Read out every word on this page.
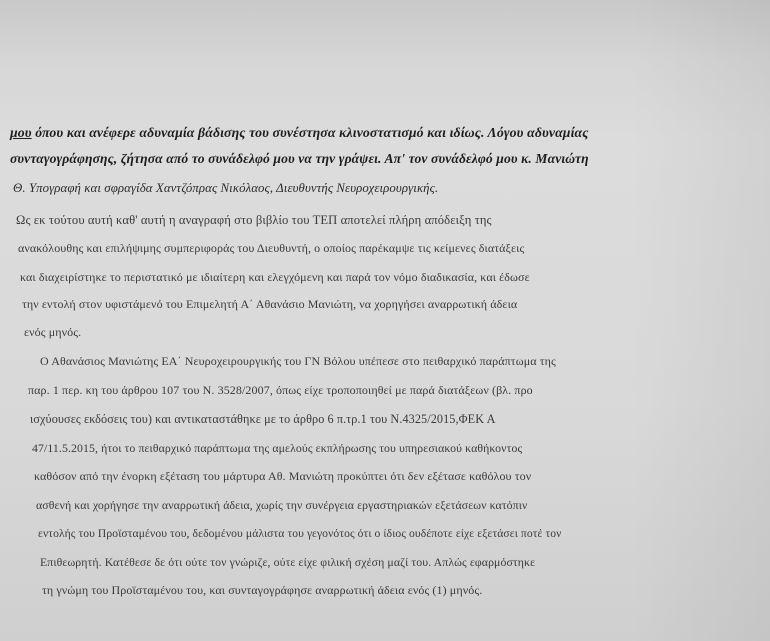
μου όπου και ανέφερε αδυναμία βάδισης του συνέστησα κλινοστατισμό και ιδίως. Λόγου αδυναμίας
συνταγογράφησης, ζήτησα από το συνάδελφό μου να την γράψει. Απ' τον συνάδελφό μου κ. Μανιώτη
Θ. Υπογραφή και σφραγίδα Χαντζόπρας Νικόλαος, Διευθυντής Νευροχειρουργικής.
Ως εκ τούτου αυτή καθ' αυτή η αναγραφή στο βιβλίο του ΤΕΠ αποτελεί πλήρη απόδειξη της
ανακόλουθης και επιλήψιμης συμπεριφοράς του Διευθυντή, ο οποίος παρέκαμψε τις κείμενες διατάξεις
και διαχειρίστηκε το περιστατικό με ιδιαίτερη και ελεγχόμενη και παρά τον νόμο διαδικασία, και έδωσε
την εντολή στον υφιστάμενό του Επιμελητή Α΄ Αθανάσιο Μανιώτη, να χορηγήσει αναρρωτική άδεια
ενός μηνός.
Ο Αθανάσιος Μανιώτης ΕΑ΄ Νευροχειρουργικής του ΓΝ Βόλου υπέπεσε στο πειθαρχικό παράπτωμα της
παρ. 1 περ. κη του άρθρου 107 του Ν. 3528/2007, όπως είχε τροποποιηθεί με παρά διατάξεων (βλ. προ
ισχύουσες εκδόσεις του) και αντικαταστάθηκε με το άρθρο 6 π.τρ.1 του Ν.4325/2015,ΦΕΚ Α
47/11.5.2015, ήτοι το πειθαρχικό παράπτωμα της αμελούς εκπλήρωσης του υπηρεσιακού καθήκοντος
καθόσον από την ένορκη εξέταση του μάρτυρα Αθ. Μανιώτη προκύπτει ότι δεν εξέτασε καθόλου τον
ασθενή και χορήγησε την αναρρωτική άδεια, χωρίς την συνέργεια εργαστηριακών εξετάσεων κατόπιν
εντολής του Προϊσταμένου του, δεδομένου μάλιστα του γεγονότος ότι ο ίδιος ουδέποτε είχε εξετάσει ποτέ τον
Επιθεωρητή. Κατέθεσε δε ότι ούτε τον γνώριζε, ούτε είχε φιλική σχέση μαζί του. Απλώς εφαρμόστηκε
τη γνώμη του Προϊσταμένου του, και συνταγογράφησε αναρρωτική άδεια ενός (1) μηνός.
